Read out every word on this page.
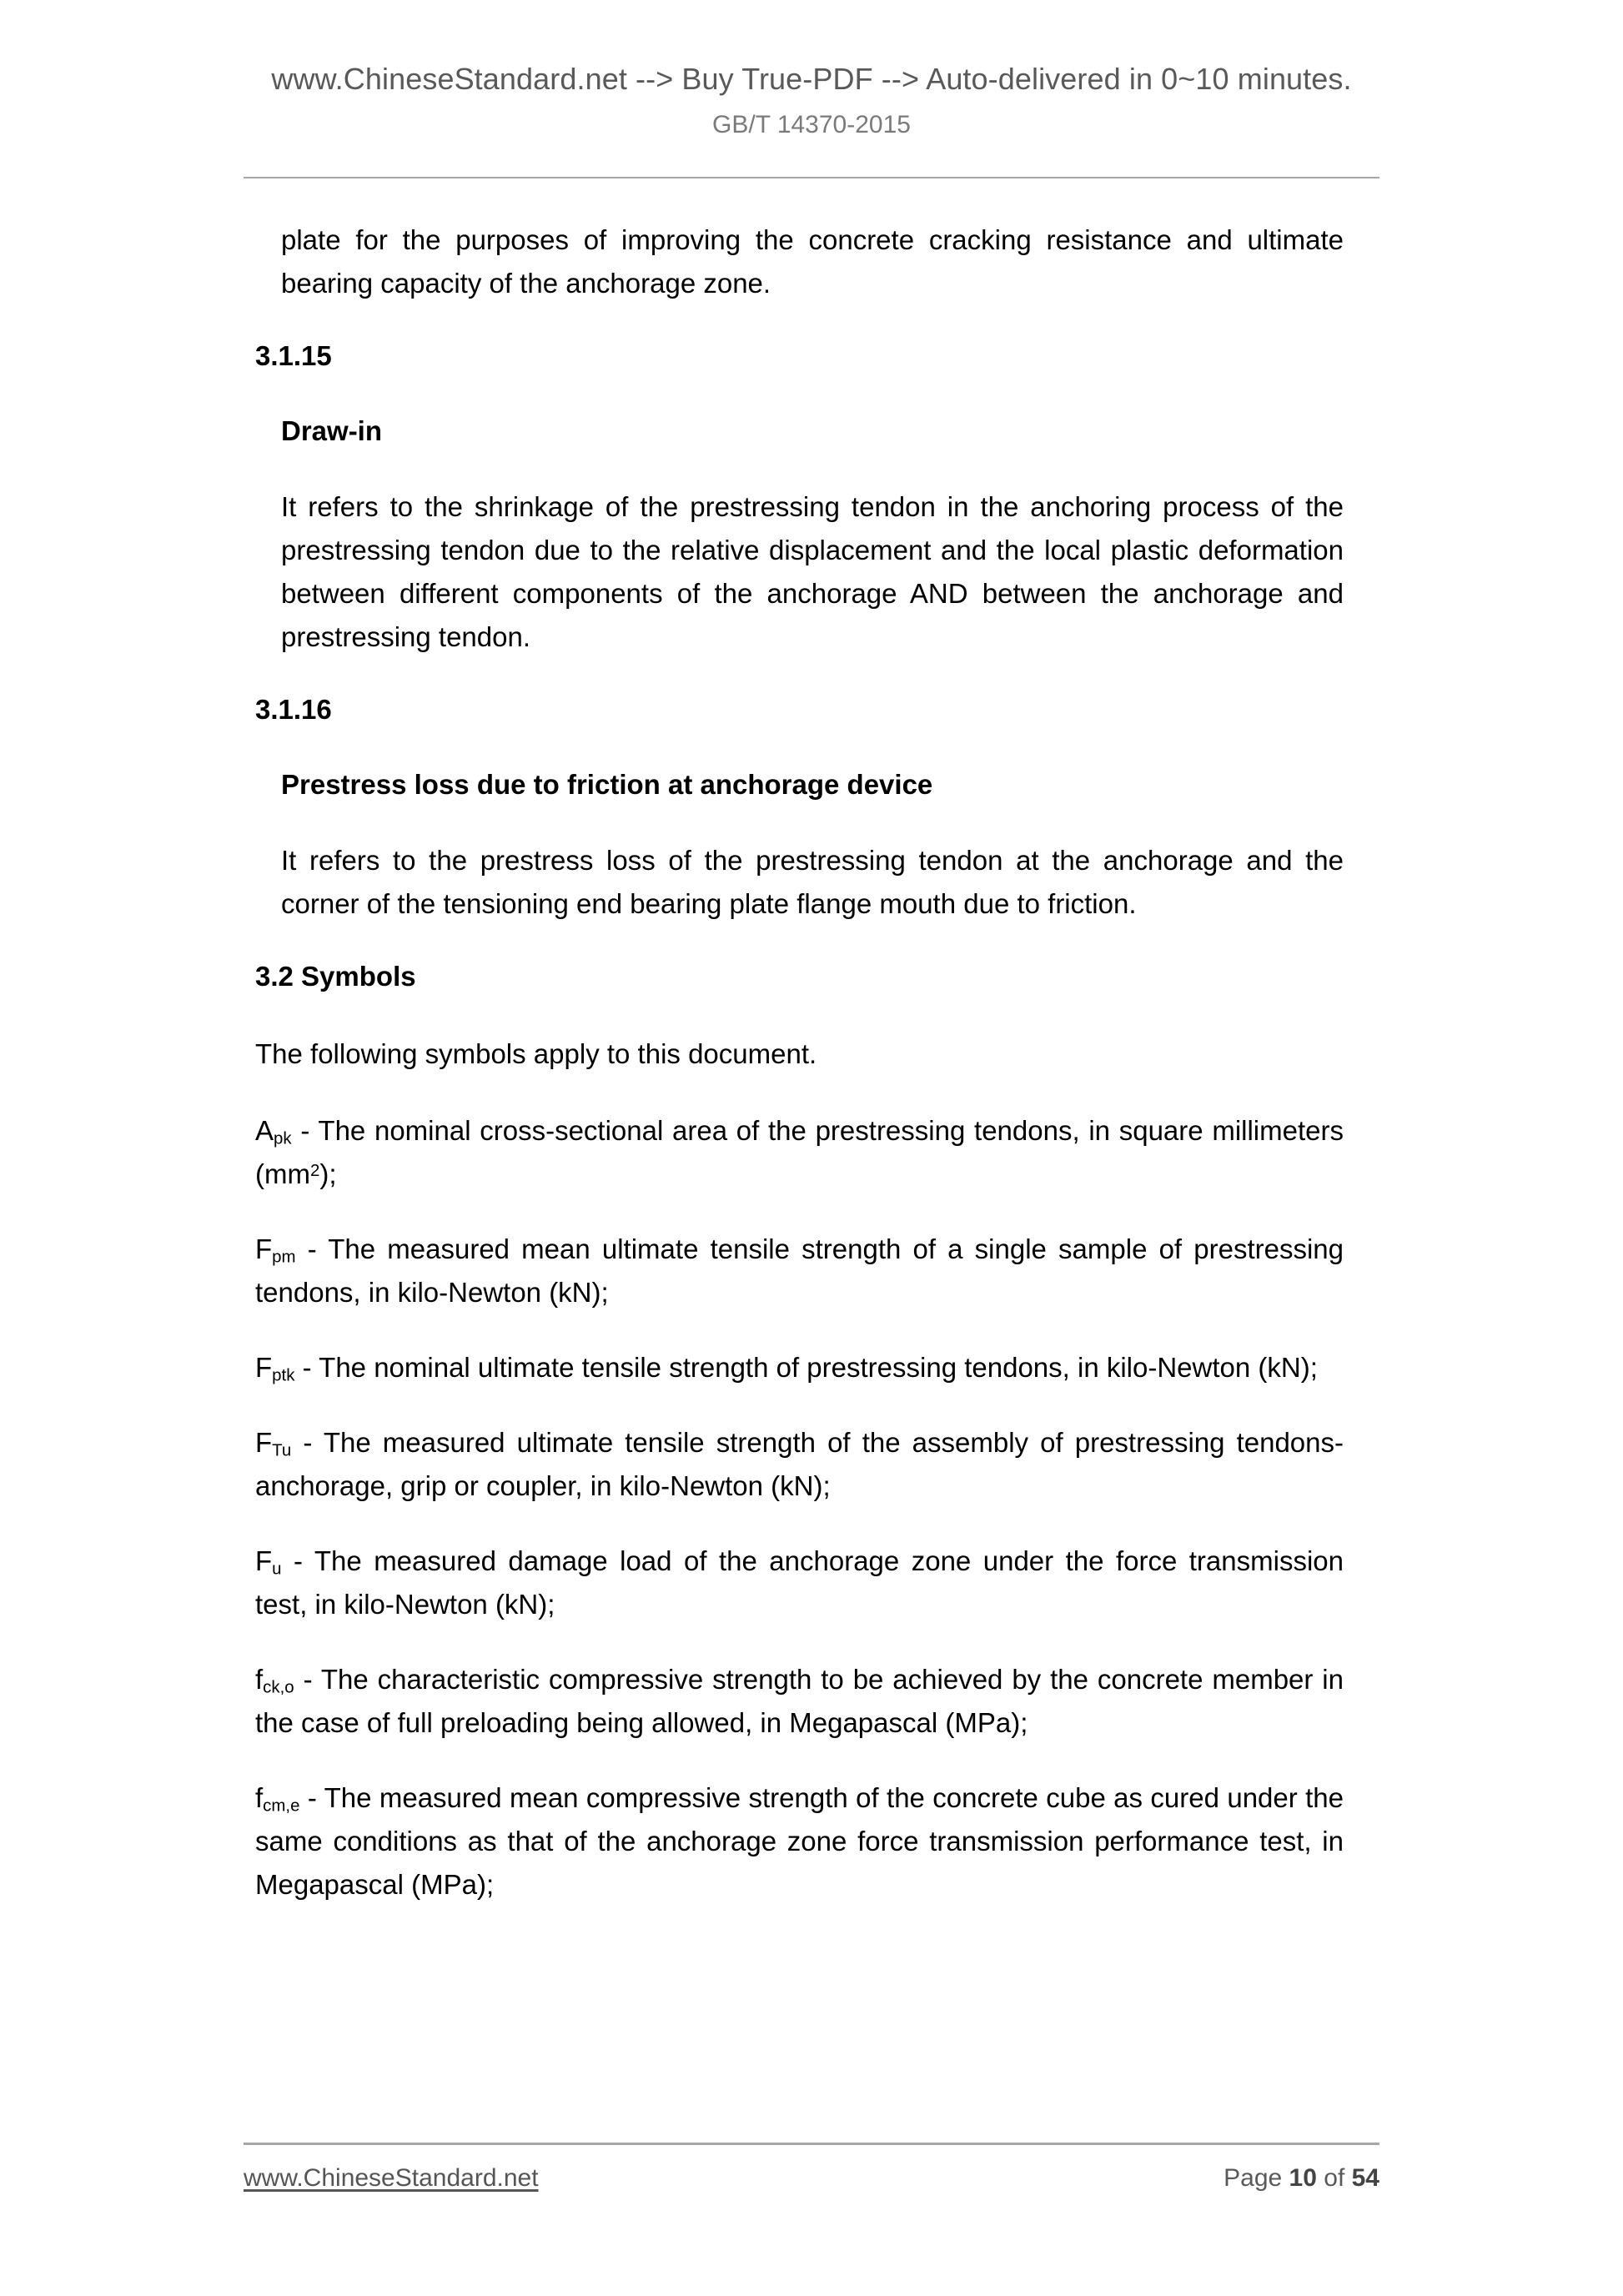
www.ChineseStandard.net --> Buy True-PDF --> Auto-delivered in 0~10 minutes.
GB/T 14370-2015

plate for the purposes of improving the concrete cracking resistance and ultimate bearing capacity of the anchorage zone.

3.1.15
Draw-in

It refers to the shrinkage of the prestressing tendon in the anchoring process of the prestressing tendon due to the relative displacement and the local plastic deformation between different components of the anchorage AND between the anchorage and prestressing tendon.

3.1.16
Prestress loss due to friction at anchorage device

It refers to the prestress loss of the prestressing tendon at the anchorage and the corner of the tensioning end bearing plate flange mouth due to friction.

3.2 Symbols

The following symbols apply to this document.

$A_{pk}$ - The nominal cross-sectional area of the prestressing tendons, in square millimeters $(mm^2)$;

$F_{pm}$ - The measured mean ultimate tensile strength of a single sample of prestressing tendons, in kilo-Newton (kN);

$F_{ptk}$ - The nominal ultimate tensile strength of prestressing tendons, in kilo-Newton (kN);

$F_{Tu}$ - The measured ultimate tensile strength of the assembly of prestressing tendons-anchorage, grip or coupler, in kilo-Newton (kN);

$F_u$ - The measured damage load of the anchorage zone under the force transmission test, in kilo-Newton (kN);

$f_{ck,o}$ - The characteristic compressive strength to be achieved by the concrete member in the case of full preloading being allowed, in Megapascal (MPa);

$f_{cm,e}$ - The measured mean compressive strength of the concrete cube as cured under the same conditions as that of the anchorage zone force transmission performance test, in Megapascal (MPa);

www.ChineseStandard.net	Page 10 of 54
